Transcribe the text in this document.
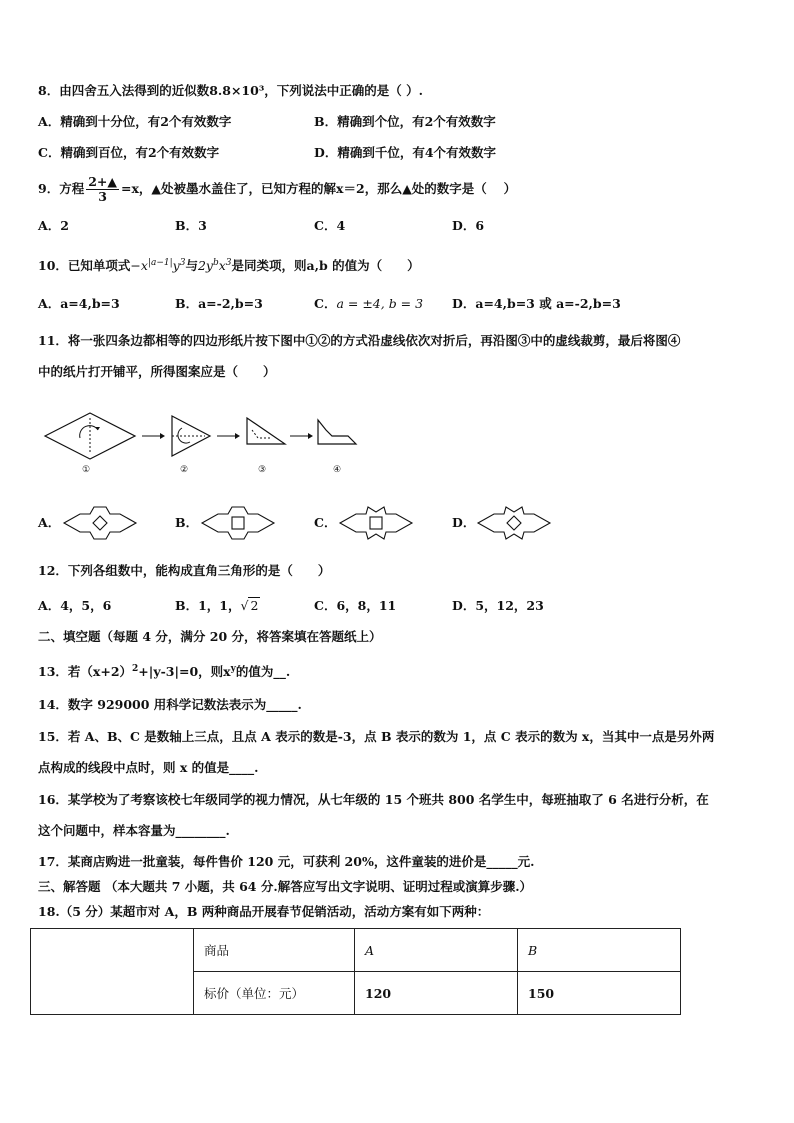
8．由四舍五入法得到的近似数8.8×10³，下列说法中正确的是（ ）.
A．精确到十分位，有2个有效数字	B．精确到个位，有2个有效数字
C．精确到百位，有2个有效数字	D．精确到千位，有4个有效数字
9．方程 $\frac{2+▲}{3} =x$，▲处被墨水盖住了，已知方程的解x＝2，那么▲处的数字是（　 ）
A．2	B．3	C．4	D．6
10．已知单项式$-x^{|a-1|}y^3$与$2y^bx^3$是同类项，则a,b 的值为（　　）
A．a=4,b=3	B．a=-2,b=3	C．a = ±4, b = 3 D．a=4,b=3 或 a=-2,b=3
11．将一张四条边都相等的四边形纸片按下图中①②的方式沿虚线依次对折后，再沿图③中的虚线裁剪，最后将图④
中的纸片打开铺平，所得图案应是（　　）
①	②	③	④
A．	B．	C．	D．
12．下列各组数中，能构成直角三角形的是（　　）
A．4，5，6	B．1，1，√ 2	C．6，8，11	D．5，12，23
二、填空题（每题 4 分，满分 20 分，将答案填在答题纸上）
13．若$(x+2)^2+|y-3|=0$，则$x^y$的值为__.
14．数字 929000 用科学记数法表示为_____.
15．若 A、B、C 是数轴上三点，且点 A 表示的数是-3，点 B 表示的数为 1，点 C 表示的数为 x，当其中一点是另外两
点构成的线段中点时，则 x 的值是____.
16．某学校为了考察该校七年级同学的视力情况，从七年级的 15 个班共 800 名学生中，每班抽取了 6 名进行分析，在
这个问题中，样本容量为________.
17．某商店购进一批童装，每件售价 120 元，可获利 20%，这件童装的进价是_____元.
三、解答题 （本大题共 7 小题，共 64 分.解答应写出文字说明、证明过程或演算步骤.）
18.（5 分）某超市对 A，B 两种商品开展春节促销活动，活动方案有如下两种：
	商品	A	B
	标价（单位：元）	120	150
